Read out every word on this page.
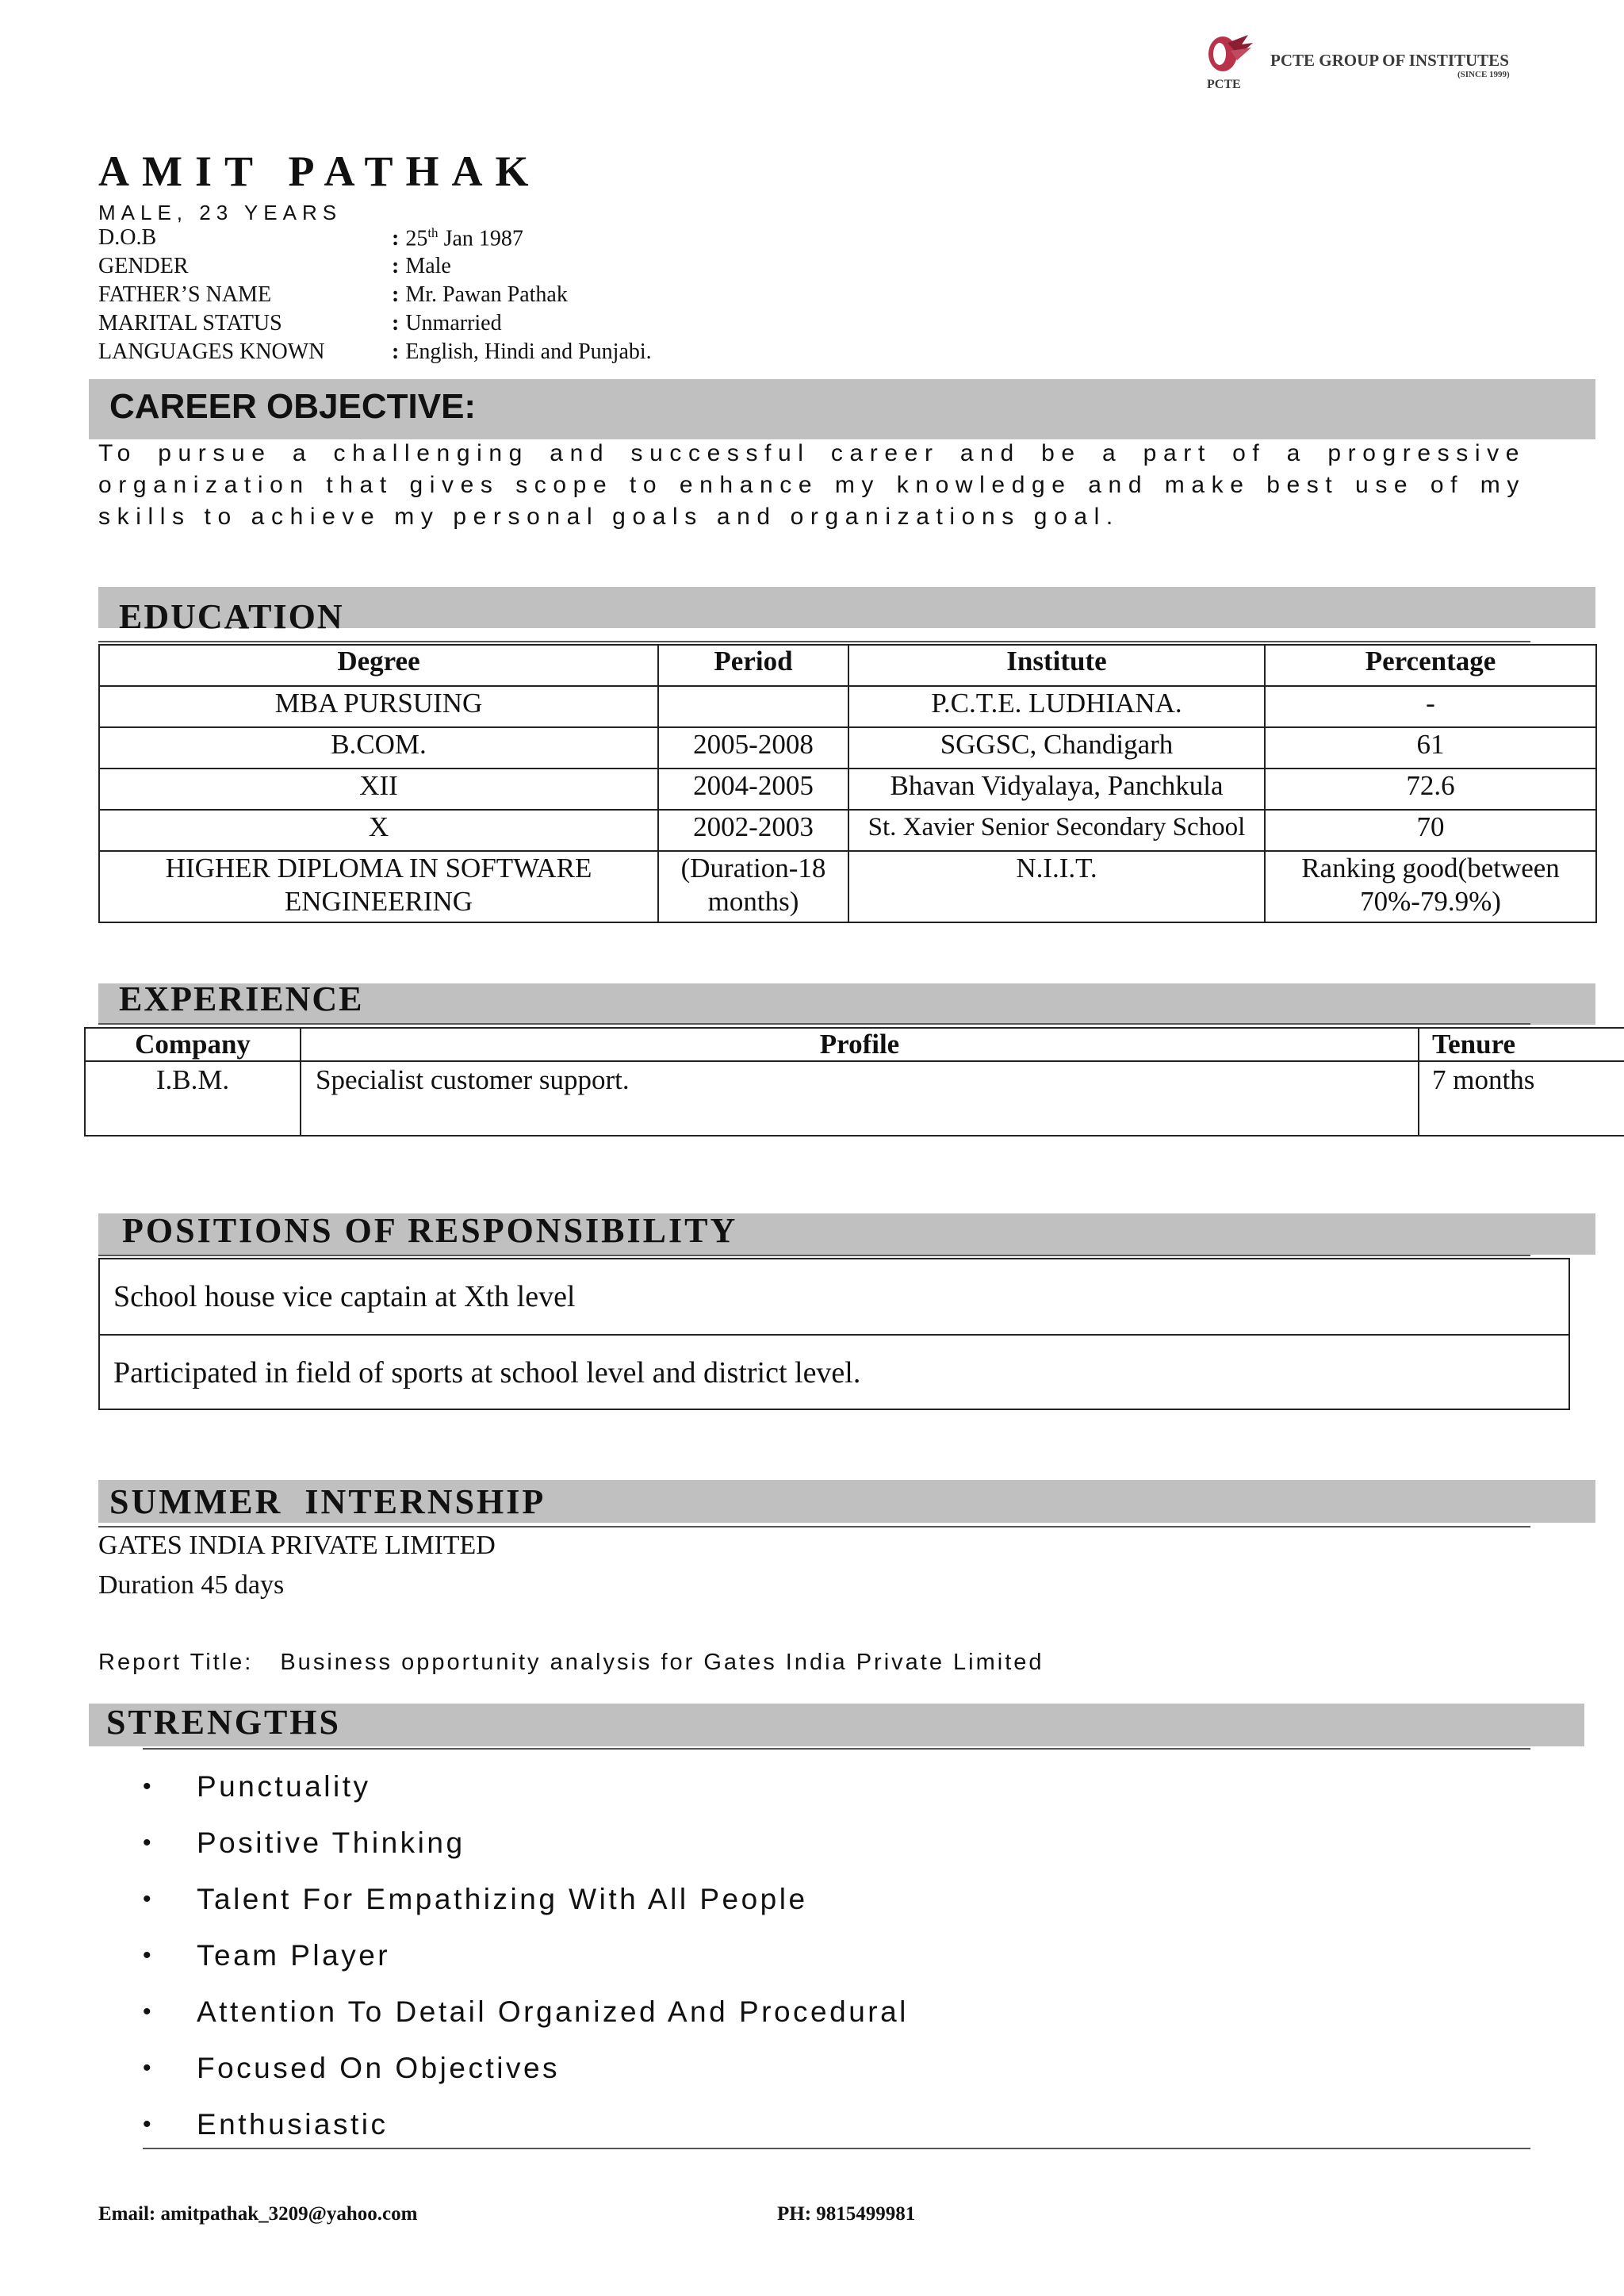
PCTE GROUP OF INSTITUTES
(SINCE 1999)
PCTE
AMIT PATHAK
MALE, 23 YEARS
D.O.B	: 25th Jan 1987
GENDER	: Male
FATHER’S NAME	: Mr. Pawan Pathak
MARITAL STATUS	: Unmarried
LANGUAGES KNOWN	: English, Hindi and Punjabi.
CAREER OBJECTIVE:
To pursue a challenging and successful career and be a part of a progressive organization that gives scope to enhance my knowledge and make best use of my skills to achieve my personal goals and organizations goal.
EDUCATION
Degree	Period	Institute	Percentage
MBA PURSUING		P.C.T.E. LUDHIANA.	-
B.COM.	2005-2008	SGGSC, Chandigarh	61
XII	2004-2005	Bhavan Vidyalaya, Panchkula	72.6
X	2002-2003	St. Xavier Senior Secondary School	70
HIGHER DIPLOMA IN SOFTWARE ENGINEERING	(Duration-18 months)	N.I.I.T.	Ranking good(between 70%-79.9%)
EXPERIENCE
Company	Profile	Tenure
I.B.M.	Specialist customer support.	7 months
POSITIONS OF RESPONSIBILITY
School house vice captain at Xth level
Participated in field of sports at school level and district level.
SUMMER  INTERNSHIP
GATES INDIA PRIVATE LIMITED
Duration 45 days
Report Title: Business opportunity analysis for Gates India Private Limited
STRENGTHS
• Punctuality
• Positive Thinking
• Talent For Empathizing With All People
• Team Player
• Attention To Detail Organized And Procedural
• Focused On Objectives
• Enthusiastic
Email: amitpathak_3209@yahoo.com	PH: 9815499981
